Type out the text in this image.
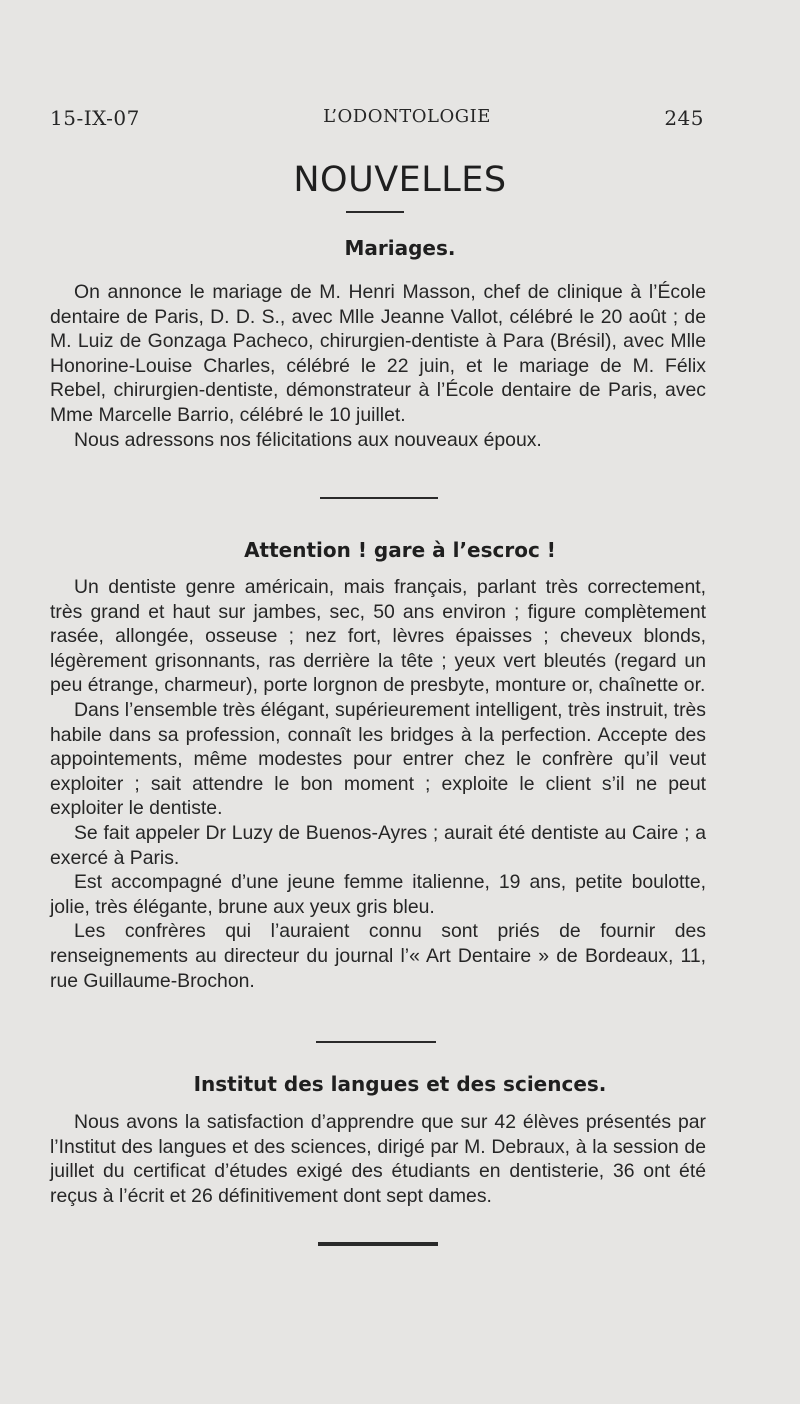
15-IX-07	L’ODONTOLOGIE	245
NOUVELLES
Mariages.

On annonce le mariage de M. Henri Masson, chef de clinique à l’École dentaire de Paris, D. D. S., avec Mlle Jeanne Vallot, célébré le 20 août ; de M. Luiz de Gonzaga Pacheco, chirurgien-dentiste à Para (Brésil), avec Mlle Honorine-Louise Charles, célébré le 22 juin, et le mariage de M. Félix Rebel, chirurgien-dentiste, démonstrateur à l’École dentaire de Paris, avec Mme Marcelle Barrio, célébré le 10 juillet.

Nous adressons nos félicitations aux nouveaux époux.

Attention ! gare à l’escroc !

Un dentiste genre américain, mais français, parlant très correctement, très grand et haut sur jambes, sec, 50 ans environ ; figure complètement rasée, allongée, osseuse ; nez fort, lèvres épaisses ; cheveux blonds, légèrement grisonnants, ras derrière la tête ; yeux vert bleutés (regard un peu étrange, charmeur), porte lorgnon de presbyte, monture or, chaînette or.

Dans l’ensemble très élégant, supérieurement intelligent, très instruit, très habile dans sa profession, connaît les bridges à la perfection. Accepte des appointements, même modestes pour entrer chez le confrère qu’il veut exploiter ; sait attendre le bon moment ; exploite le client s’il ne peut exploiter le dentiste.

Se fait appeler Dr Luzy de Buenos-Ayres ; aurait été dentiste au Caire ; a exercé à Paris.

Est accompagné d’une jeune femme italienne, 19 ans, petite boulotte, jolie, très élégante, brune aux yeux gris bleu.

Les confrères qui l’auraient connu sont priés de fournir des renseignements au directeur du journal l’« Art Dentaire » de Bordeaux, 11, rue Guillaume-Brochon.

Institut des langues et des sciences.

Nous avons la satisfaction d’apprendre que sur 42 élèves présentés par l’Institut des langues et des sciences, dirigé par M. Debraux, à la session de juillet du certificat d’études exigé des étudiants en dentisterie, 36 ont été reçus à l’écrit et 26 définitivement dont sept dames.
